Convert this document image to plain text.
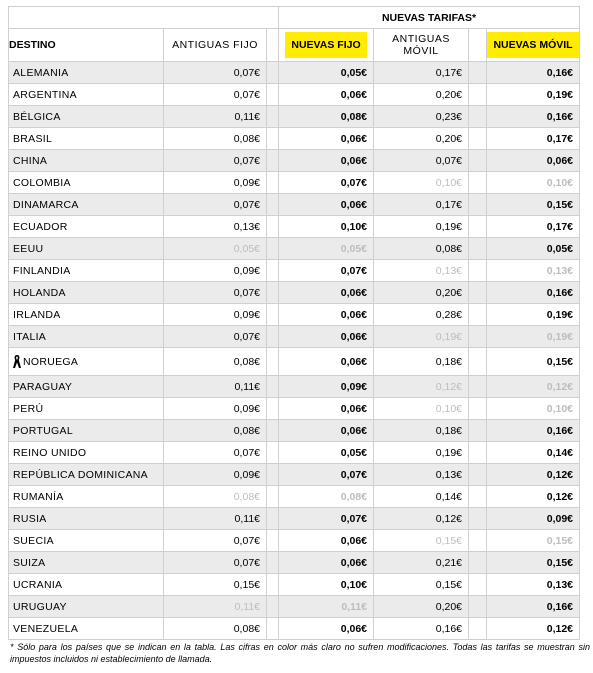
			NUEVAS TARIFAS*			
DESTINO	ANTIGUAS FIJO		NUEVAS FIJO	ANTIGUAS MÓVIL		NUEVAS MÓVIL
ALEMANIA	0,07€		0,05€	0,17€		0,16€
ARGENTINA	0,07€		0,06€	0,20€		0,19€
BÉLGICA	0,11€		0,08€	0,23€		0,16€
BRASIL	0,08€		0,06€	0,20€		0,17€
CHINA	0,07€		0,06€	0,07€		0,06€
COLOMBIA	0,09€		0,07€	0,10€		0,10€
DINAMARCA	0,07€		0,06€	0,17€		0,15€
ECUADOR	0,13€		0,10€	0,19€		0,17€
EEUU	0,05€		0,05€	0,08€		0,05€
FINLANDIA	0,09€		0,07€	0,13€		0,13€
HOLANDA	0,07€		0,06€	0,20€		0,16€
IRLANDA	0,09€		0,06€	0,28€		0,19€
ITALIA	0,07€		0,06€	0,19€		0,19€
NORUEGA	0,08€		0,06€	0,18€		0,15€
PARAGUAY	0,11€		0,09€	0,12€		0,12€
PERÚ	0,09€		0,06€	0,10€		0,10€
PORTUGAL	0,08€		0,06€	0,18€		0,16€
REINO UNIDO	0,07€		0,05€	0,19€		0,14€
REPÚBLICA DOMINICANA	0,09€		0,07€	0,13€		0,12€
RUMANÍA	0,08€		0,08€	0,14€		0,12€
RUSIA	0,11€		0,07€	0,12€		0,09€
SUECIA	0,07€		0,06€	0,15€		0,15€
SUIZA	0,07€		0,06€	0,21€		0,15€
UCRANIA	0,15€		0,10€	0,15€		0,13€
URUGUAY	0,11€		0,11€	0,20€		0,16€
VENEZUELA	0,08€		0,06€	0,16€		0,12€
* Sólo para los países que se indican en la tabla. Las cifras en color más claro no sufren modificaciones. Todas las tarifas se muestran sin impuestos incluidos ni establecimiento de llamada.
